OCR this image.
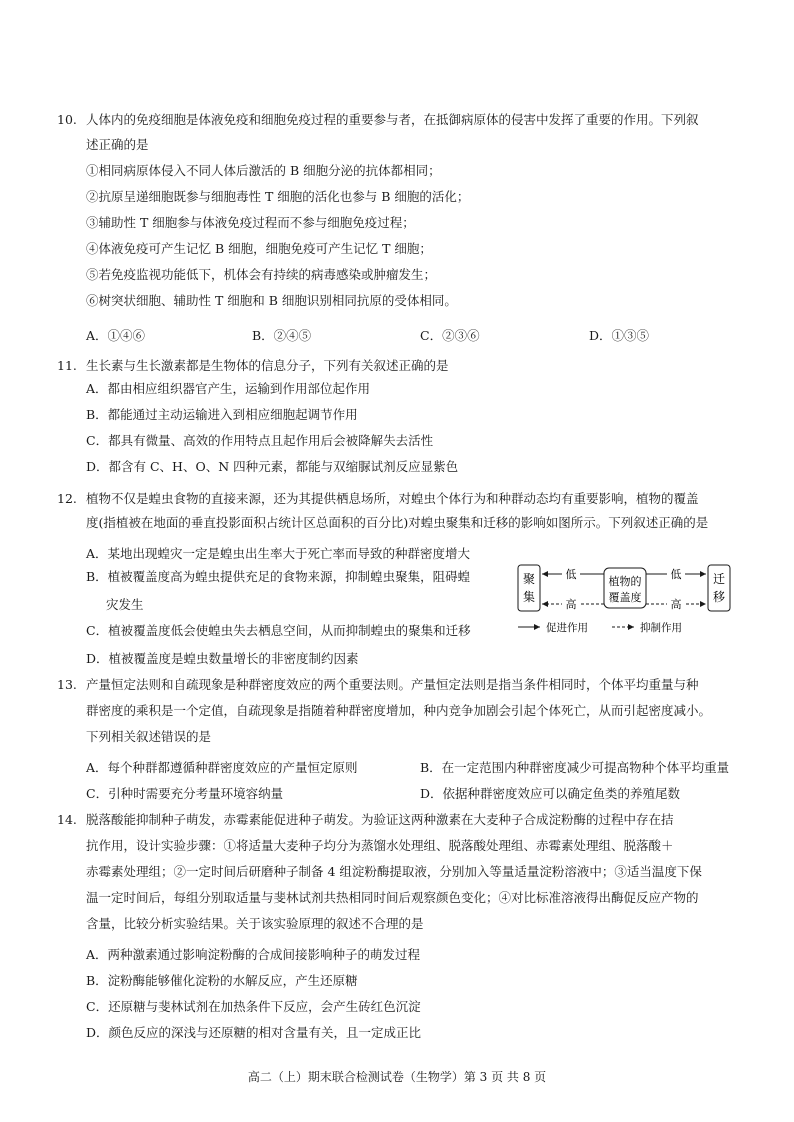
10. 人体内的免疫细胞是体液免疫和细胞免疫过程的重要参与者，在抵御病原体的侵害中发挥了重要的作用。下列叙
述正确的是
①相同病原体侵入不同人体后激活的 B 细胞分泌的抗体都相同；
②抗原呈递细胞既参与细胞毒性 T 细胞的活化也参与 B 细胞的活化；
③辅助性 T 细胞参与体液免疫过程而不参与细胞免疫过程；
④体液免疫可产生记忆 B 细胞，细胞免疫可产生记忆 T 细胞；
⑤若免疫监视功能低下，机体会有持续的病毒感染或肿瘤发生；
⑥树突状细胞、辅助性 T 细胞和 B 细胞识别相同抗原的受体相同。
A．①④⑥	B．②④⑤	C．②③⑥	D．①③⑤
11. 生长素与生长激素都是生物体的信息分子，下列有关叙述正确的是
A．都由相应组织器官产生，运输到作用部位起作用
B．都能通过主动运输进入到相应细胞起调节作用
C．都具有微量、高效的作用特点且起作用后会被降解失去活性
D．都含有 C、H、O、N 四种元素，都能与双缩脲试剂反应显紫色
12. 植物不仅是蝗虫食物的直接来源，还为其提供栖息场所，对蝗虫个体行为和种群动态均有重要影响，植物的覆盖
度(指植被在地面的垂直投影面积占统计区总面积的百分比)对蝗虫聚集和迁移的影响如图所示。下列叙述正确的是
A．某地出现蝗灾一定是蝗虫出生率大于死亡率而导致的种群密度增大
B．植被覆盖度高为蝗虫提供充足的食物来源，抑制蝗虫聚集，阻碍蝗
灾发生
C．植被覆盖度低会使蝗虫失去栖息空间，从而抑制蝗虫的聚集和迁移
D．植被覆盖度是蝗虫数量增长的非密度制约因素
聚
集
植物的
覆盖度
迁
移
低	低
高	高
促进作用	抑制作用
13. 产量恒定法则和自疏现象是种群密度效应的两个重要法则。产量恒定法则是指当条件相同时，个体平均重量与种
群密度的乘积是一个定值，自疏现象是指随着种群密度增加，种内竞争加剧会引起个体死亡，从而引起密度减小。
下列相关叙述错误的是
A．每个种群都遵循种群密度效应的产量恒定原则	B．在一定范围内种群密度减少可提高物种个体平均重量
C．引种时需要充分考量环境容纳量	D．依据种群密度效应可以确定鱼类的养殖尾数
14. 脱落酸能抑制种子萌发，赤霉素能促进种子萌发。为验证这两种激素在大麦种子合成淀粉酶的过程中存在拮
抗作用，设计实验步骤：①将适量大麦种子均分为蒸馏水处理组、脱落酸处理组、赤霉素处理组、脱落酸＋
赤霉素处理组；②一定时间后研磨种子制备 4 组淀粉酶提取液，分别加入等量适量淀粉溶液中；③适当温度下保
温一定时间后，每组分别取适量与斐林试剂共热相同时间后观察颜色变化；④对比标准溶液得出酶促反应产物的
含量，比较分析实验结果。关于该实验原理的叙述不合理的是
A．两种激素通过影响淀粉酶的合成间接影响种子的萌发过程
B．淀粉酶能够催化淀粉的水解反应，产生还原糖
C．还原糖与斐林试剂在加热条件下反应，会产生砖红色沉淀
D．颜色反应的深浅与还原糖的相对含量有关，且一定成正比
高二（上）期末联合检测试卷（生物学）第 3 页 共 8 页
